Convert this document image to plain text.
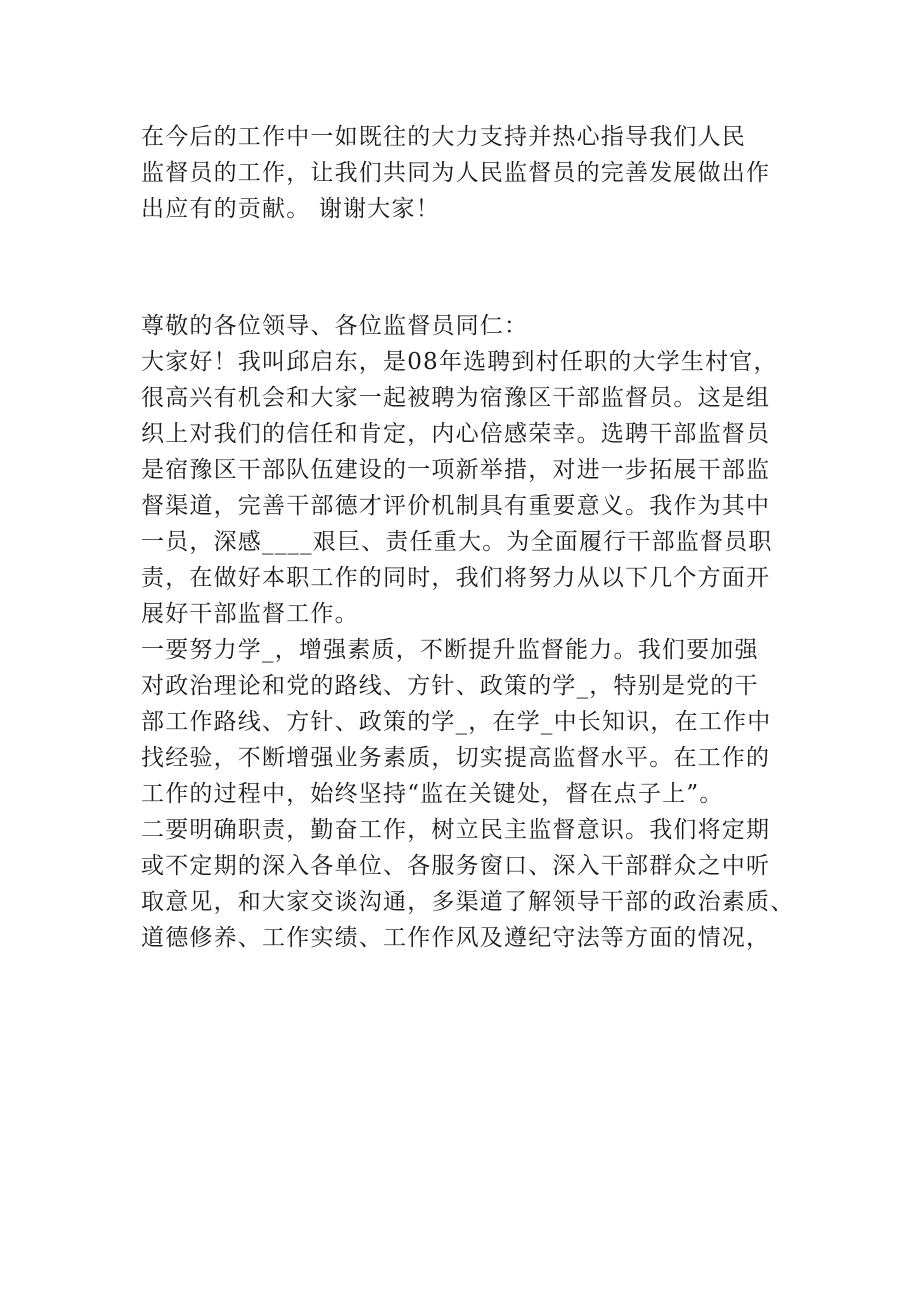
在今后的工作中一如既往的大力支持并热心指导我们人民
监督员的工作，让我们共同为人民监督员的完善发展做出作
出应有的贡献。 谢谢大家！
尊敬的各位领导、各位监督员同仁：
大家好！我叫邱启东，是08年选聘到村任职的大学生村官，
很高兴有机会和大家一起被聘为宿豫区干部监督员。这是组
织上对我们的信任和肯定，内心倍感荣幸。选聘干部监督员
是宿豫区干部队伍建设的一项新举措，对进一步拓展干部监
督渠道，完善干部德才评价机制具有重要意义。我作为其中
一员，深感____艰巨、责任重大。为全面履行干部监督员职
责，在做好本职工作的同时，我们将努力从以下几个方面开
展好干部监督工作。
一要努力学_，增强素质，不断提升监督能力。我们要加强
对政治理论和党的路线、方针、政策的学_，特别是党的干
部工作路线、方针、政策的学_，在学_中长知识，在工作中
找经验，不断增强业务素质，切实提高监督水平。在工作的
工作的过程中，始终坚持“监在关键处，督在点子上”。
二要明确职责，勤奋工作，树立民主监督意识。我们将定期
或不定期的深入各单位、各服务窗口、深入干部群众之中听
取意见，和大家交谈沟通，多渠道了解领导干部的政治素质、
道德修养、工作实绩、工作作风及遵纪守法等方面的情况，
